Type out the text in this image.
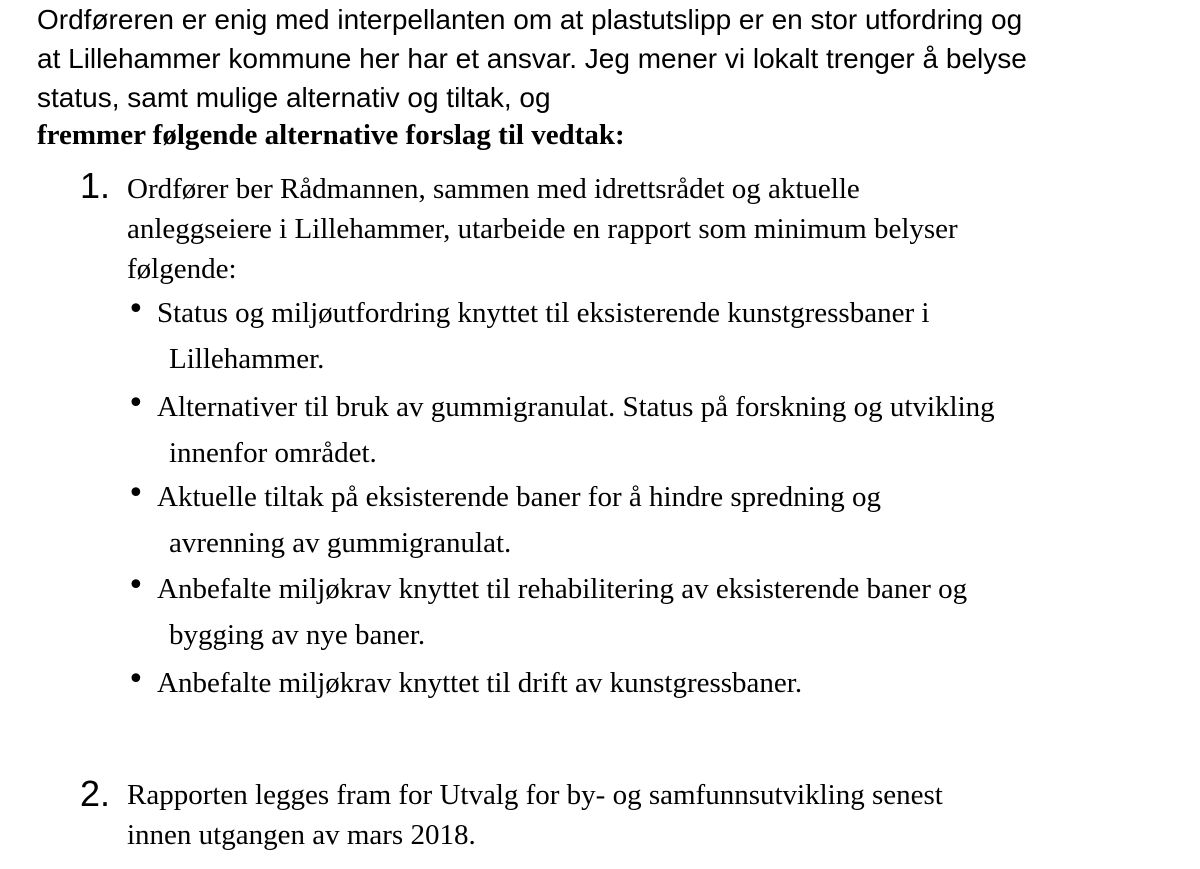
Ordføreren er enig med interpellanten om at plastutslipp er en stor utfordring og
at Lillehammer kommune her har et ansvar. Jeg mener vi lokalt trenger å belyse
status, samt mulige alternativ og tiltak, og

fremmer følgende alternative forslag til vedtak:

1. Ordfører ber Rådmannen, sammen med idrettsrådet og aktuelle
anleggseiere i Lillehammer, utarbeide en rapport som minimum belyser
følgende:

• Status og miljøutfordring knyttet til eksisterende kunstgressbaner i
Lillehammer.

• Alternativer til bruk av gummigranulat. Status på forskning og utvikling
innenfor området.

• Aktuelle tiltak på eksisterende baner for å hindre spredning og
avrenning av gummigranulat.

• Anbefalte miljøkrav knyttet til rehabilitering av eksisterende baner og
bygging av nye baner.

• Anbefalte miljøkrav knyttet til drift av kunstgressbaner.

2. Rapporten legges fram for Utvalg for by- og samfunnsutvikling senest
innen utgangen av mars 2018.
